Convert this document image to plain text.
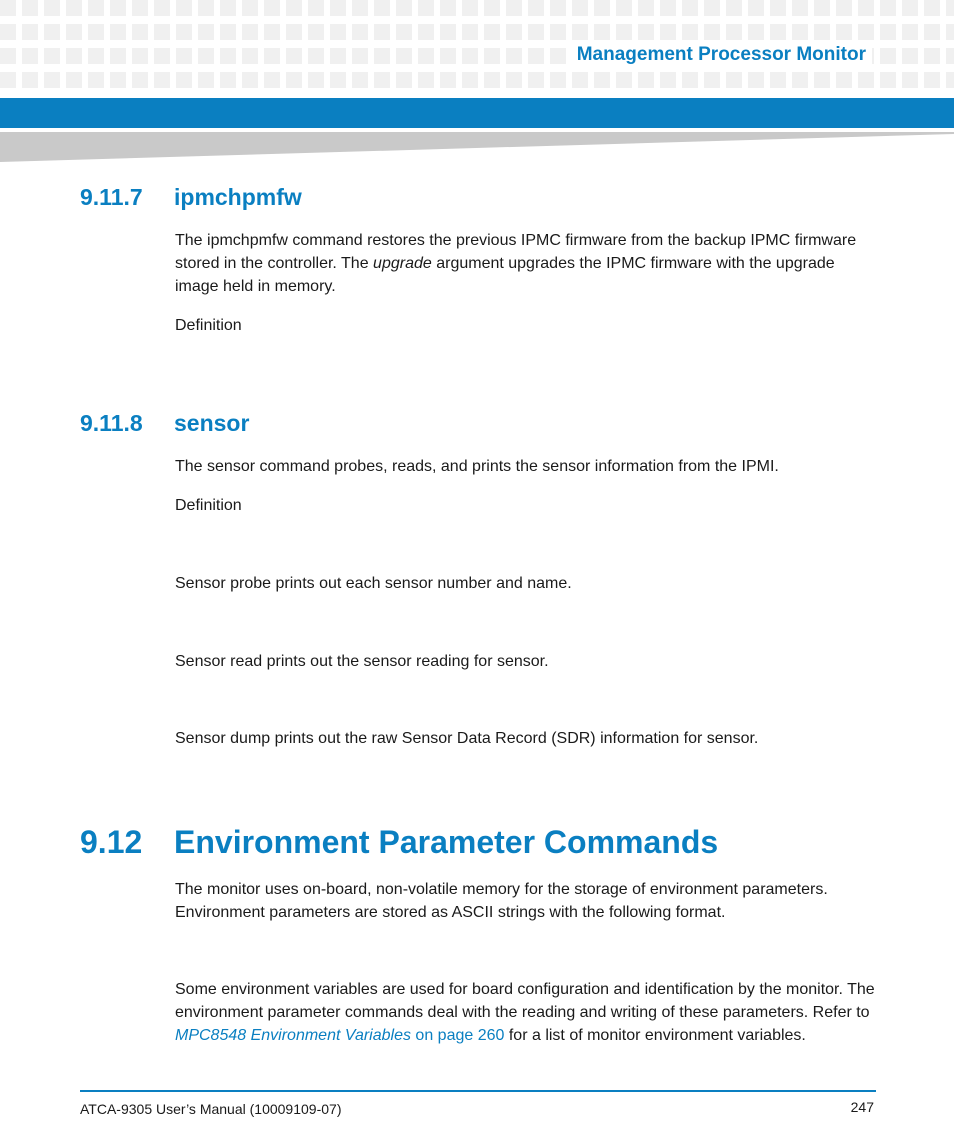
Management Processor Monitor
9.11.7 ipmchpmfw
The ipmchpmfw command restores the previous IPMC firmware from the backup IPMC firmware stored in the controller. The upgrade argument upgrades the IPMC firmware with the upgrade image held in memory.
Definition
9.11.8 sensor
The sensor command probes, reads, and prints the sensor information from the IPMI.
Definition
Sensor probe prints out each sensor number and name.
Sensor read prints out the sensor reading for sensor.
Sensor dump prints out the raw Sensor Data Record (SDR) information for sensor.
9.12 Environment Parameter Commands
The monitor uses on-board, non-volatile memory for the storage of environment parameters. Environment parameters are stored as ASCII strings with the following format.
Some environment variables are used for board configuration and identification by the monitor. The environment parameter commands deal with the reading and writing of these parameters. Refer to MPC8548 Environment Variables on page 260 for a list of monitor environment variables.
ATCA-9305 User’s Manual (10009109-07)	247
